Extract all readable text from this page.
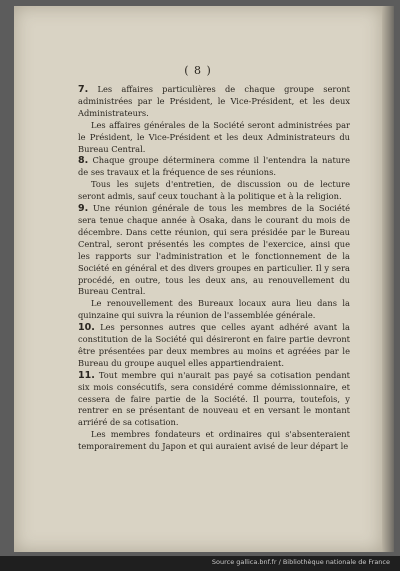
( 8 )

7. Les affaires particulières de chaque groupe seront administrées par le Président, le Vice-Président, et les deux Administrateurs.

Les affaires générales de la Société seront administrées par le Président, le Vice-Président et les deux Administrateurs du Bureau Central.

8. Chaque groupe déterminera comme il l'entendra la nature de ses travaux et la fréquence de ses réunions.

Tous les sujets d'entretien, de discussion ou de lecture seront admis, sauf ceux touchant à la politique et à la religion.

9. Une réunion générale de tous les membres de la Société sera tenue chaque année à Osaka, dans le courant du mois de décembre. Dans cette réunion, qui sera présidée par le Bureau Central, seront présentés les comptes de l'exercice, ainsi que les rapports sur l'administration et le fonctionnement de la Société en général et des divers groupes en particulier. Il y sera procédé, en outre, tous les deux ans, au renouvellement du Bureau Central.

Le renouvellement des Bureaux locaux aura lieu dans la quinzaine qui suivra la réunion de l'assemblée générale.

10. Les personnes autres que celles ayant adhéré avant la constitution de la Société qui désireront en faire partie devront être présentées par deux membres au moins et agréées par le Bureau du groupe auquel elles appartiendraient.

11. Tout membre qui n'aurait pas payé sa cotisation pendant six mois consécutifs, sera considéré comme démissionnaire, et cessera de faire partie de la Société. Il pourra, toutefois, y rentrer en se présentant de nouveau et en versant le montant arriéré de sa cotisation.

Les membres fondateurs et ordinaires qui s'absenteraient temporairement du Japon et qui auraient avisé de leur départ le

Source gallica.bnf.fr / Bibliothèque nationale de France
